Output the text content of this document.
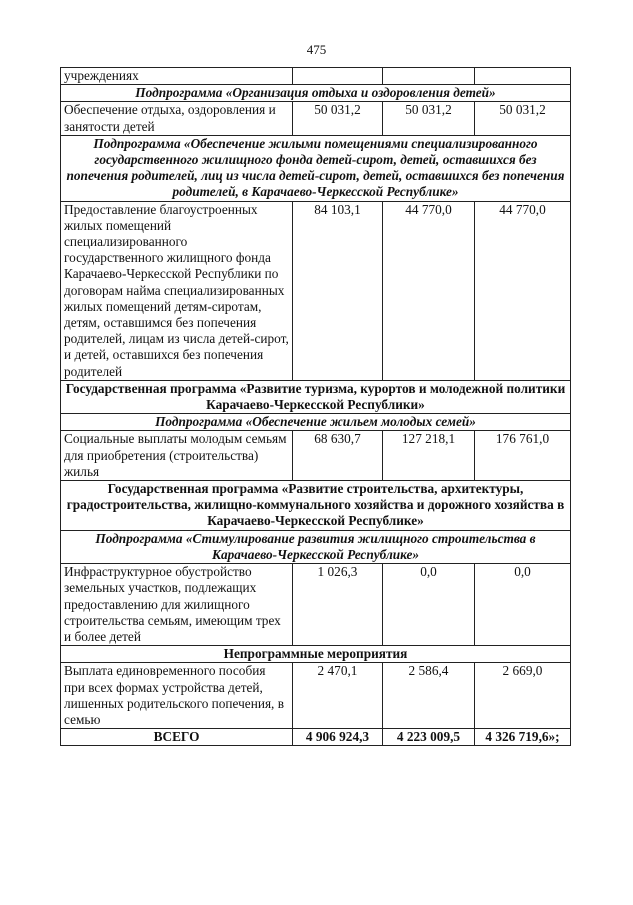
475
учреждениях			
Подпрограмма «Организация отдыха и оздоровления детей»			
Обеспечение отдыха, оздоровления и занятости детей	50 031,2	50 031,2	50 031,2
Подпрограмма «Обеспечение жилыми помещениями специализированного государственного жилищного фонда детей-сирот, детей, оставшихся без попечения родителей, лиц из числа детей-сирот, детей, оставшихся без попечения родителей, в Карачаево-Черкесской Республике»			
Предоставление благоустроенных жилых помещений специализированного государственного жилищного фонда Карачаево-Черкесской Республики по договорам найма специализированных жилых помещений детям-сиротам, детям, оставшимся без попечения родителей, лицам из числа детей-сирот, и детей, оставшихся без попечения родителей	84 103,1	44 770,0	44 770,0
Государственная программа «Развитие туризма, курортов и молодежной политики Карачаево-Черкесской Республики»			
Подпрограмма «Обеспечение жильем молодых семей»			
Социальные выплаты молодым семьям для приобретения (строительства) жилья	68 630,7	127 218,1	176 761,0
Государственная программа «Развитие строительства, архитектуры, градостроительства, жилищно-коммунального хозяйства и дорожного хозяйства в Карачаево-Черкесской Республике»			
Подпрограмма «Стимулирование развития жилищного строительства в Карачаево-Черкесской Республике»			
Инфраструктурное обустройство земельных участков, подлежащих предоставлению для жилищного строительства семьям, имеющим трех и более детей	1 026,3	0,0	0,0
Непрограммные мероприятия			
Выплата единовременного пособия при всех формах устройства детей, лишенных родительского попечения, в семью	2 470,1	2 586,4	2 669,0
ВСЕГО	4 906 924,3	4 223 009,5	4 326 719,6»;
